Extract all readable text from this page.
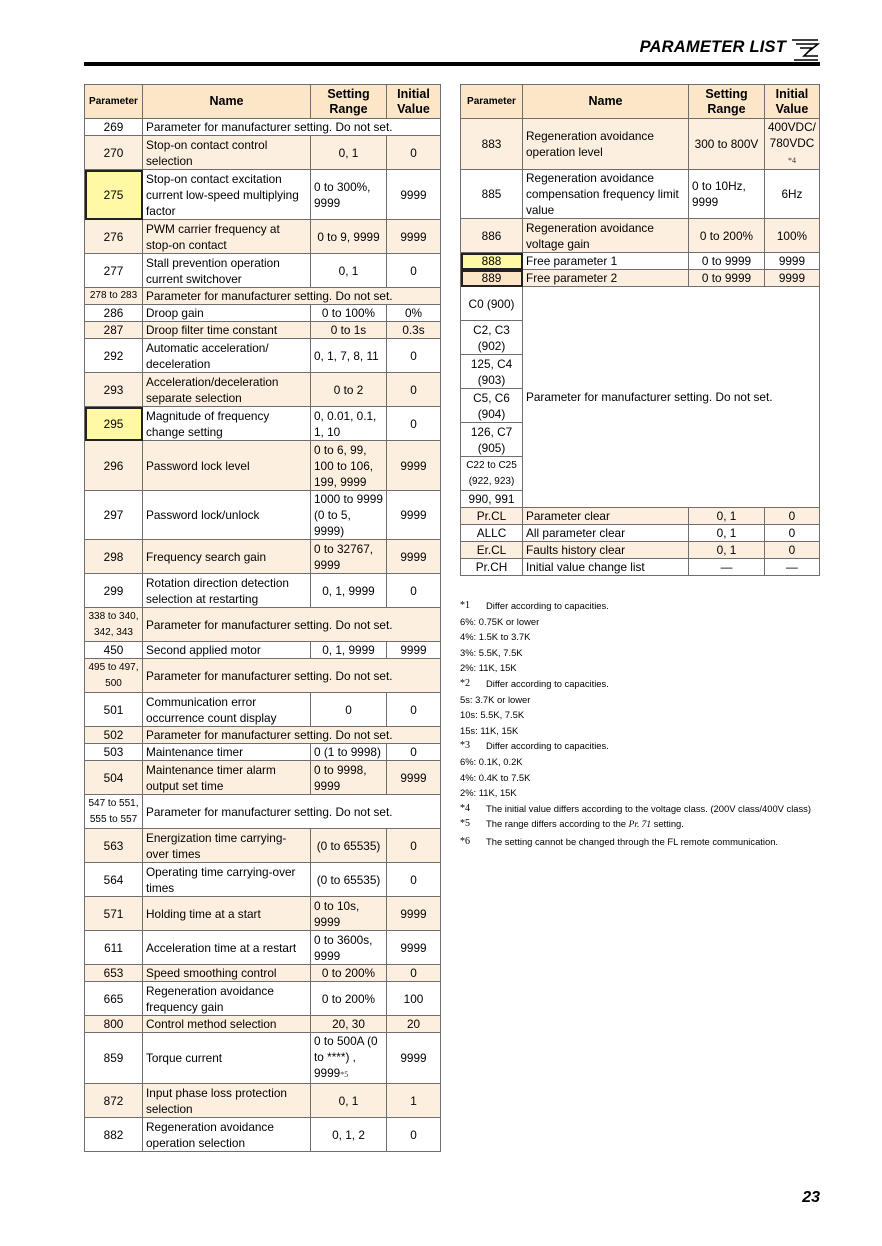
PARAMETER LIST
Parameter	Name	Setting Range	Initial Value
269	Parameter for manufacturer setting. Do not set.		
270	Stop-on contact control selection	0, 1	0
275	Stop-on contact excitation current low-speed multiplying factor	0 to 300%, 9999	9999
276	PWM carrier frequency at stop-on contact	0 to 9, 9999	9999
277	Stall prevention operation current switchover	0, 1	0
278 to 283	Parameter for manufacturer setting. Do not set.		
286	Droop gain	0 to 100%	0%
287	Droop filter time constant	0 to 1s	0.3s
292	Automatic acceleration/ deceleration	0, 1, 7, 8, 11	0
293	Acceleration/deceleration separate selection	0 to 2	0
295	Magnitude of frequency change setting	0, 0.01, 0.1, 1, 10	0
296	Password lock level	0 to 6, 99, 100 to 106, 199, 9999	9999
297	Password lock/unlock	1000 to 9999 (0 to 5, 9999)	9999
298	Frequency search gain	0 to 32767, 9999	9999
299	Rotation direction detection selection at restarting	0, 1, 9999	0
338 to 340, 342, 343	Parameter for manufacturer setting. Do not set.		
450	Second applied motor	0, 1, 9999	9999
495 to 497, 500	Parameter for manufacturer setting. Do not set.		
501	Communication error occurrence count display	0	0
502	Parameter for manufacturer setting. Do not set.		
503	Maintenance timer	0 (1 to 9998)	0
504	Maintenance timer alarm output set time	0 to 9998, 9999	9999
547 to 551, 555 to 557	Parameter for manufacturer setting. Do not set.		
563	Energization time carrying-over times	(0 to 65535)	0
564	Operating time carrying-over times	(0 to 65535)	0
571	Holding time at a start	0 to 10s, 9999	9999
611	Acceleration time at a restart	0 to 3600s, 9999	9999
653	Speed smoothing control	0 to 200%	0
665	Regeneration avoidance frequency gain	0 to 200%	100
800	Control method selection	20, 30	20
859	Torque current	0 to 500A (0 to ****) , 9999*5	9999
872	Input phase loss protection selection	0, 1	1
882	Regeneration avoidance operation selection	0, 1, 2	0
Parameter	Name	Setting Range	Initial Value
883	Regeneration avoidance operation level	300 to 800V	400VDC/ 780VDC
*4
885	Regeneration avoidance compensation frequency limit value	0 to 10Hz, 9999	6Hz
886	Regeneration avoidance voltage gain	0 to 200%	100%
888	Free parameter 1	0 to 9999	9999
889	Free parameter 2	0 to 9999	9999
C0 (900)	Parameter for manufacturer setting. Do not set.		
C2, C3 (902)			
125, C4 (903)			
C5, C6 (904)			
126, C7 (905)			
C22 to C25 (922, 923)			
990, 991			
Pr.CL	Parameter clear	0, 1	0
ALLC	All parameter clear	0, 1	0
Er.CL	Faults history clear	0, 1	0
Pr.CH	Initial value change list	—	—
*1	Differ according to capacities.
6%: 0.75K or lower
4%: 1.5K to 3.7K
3%: 5.5K, 7.5K
2%: 11K, 15K
*2	Differ according to capacities.
5s: 3.7K or lower
10s: 5.5K, 7.5K
15s: 11K, 15K
*3	Differ according to capacities.
6%: 0.1K, 0.2K
4%: 0.4K to 7.5K
2%: 11K, 15K
*4	The initial value differs according to the voltage class. (200V class/400V class)
*5	The range differs according to the Pr. 71 setting.
*6	The setting cannot be changed through the FL remote communication.
23
